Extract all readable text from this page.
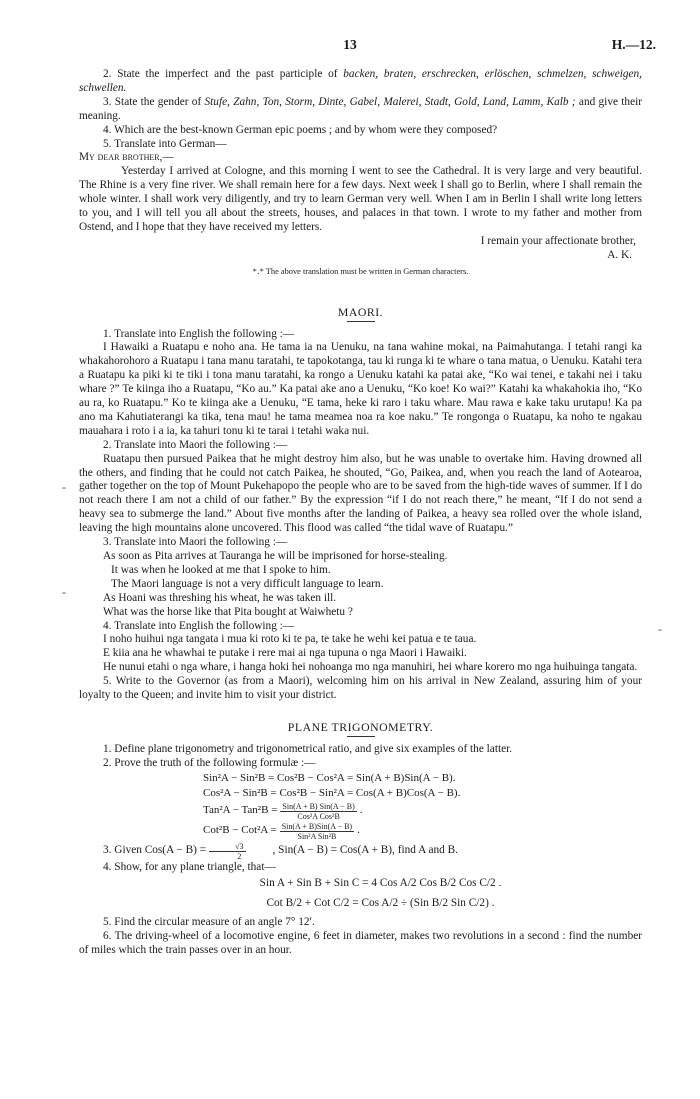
13	H.—12.

2. State the imperfect and the past participle of backen, braten, erschrecken, erlöschen, schmelzen, schweigen, schwellen.

3. State the gender of Stufe, Zahn, Ton, Storm, Dinte, Gabel, Malerei, Stadt, Gold, Land, Lamm, Kalb ; and give their meaning.

4. Which are the best-known German epic poems ; and by whom were they composed?

5. Translate into German—

My dear brother,—

Yesterday I arrived at Cologne, and this morning I went to see the Cathedral. It is very large and very beautiful. The Rhine is a very fine river. We shall remain here for a few days. Next week I shall go to Berlin, where I shall remain the whole winter. I shall work very diligently, and try to learn German very well. When I am in Berlin I shall write long letters to you, and I will tell you all about the streets, houses, and palaces in that town. I wrote to my father and mother from Ostend, and I hope that they have received my letters.

I remain your affectionate brother,

A. K.

*․* The above translation must be written in German characters.

MAORI.

1. Translate into English the following :—

I Hawaiki a Ruatapu e noho ana. He tama ia na Uenuku, na tana wahine mokai, na Paimahutanga. I tetahi rangi ka whakahorohoro a Ruatapu i tana manu taratahi, te tapokotanga, tau ki runga ki te whare o tana matua, o Uenuku. Katahi tera a Ruatapu ka piki ki te tiki i tona manu taratahi, ka rongo a Uenuku katahi ka patai ake, “Ko wai tenei, e takahi nei i taku whare ?” Te kiinga iho a Ruatapu, “Ko au.” Ka patai ake ano a Uenuku, “Ko koe! Ko wai?” Katahi ka whakahokia iho, “Ko au ra, ko Ruatapu.” Ko te kiinga ake a Uenuku, “E tama, heke ki raro i taku whare. Mau rawa e kake taku urutapu! Ka pa ano ma Kahutiaterangi ka tika, tena mau! he tama meamea noa ra koe naku.” Te rongonga o Ruatapu, ka noho te ngakau mauahara i roto i a ia, ka tahuri tonu ki te tarai i tetahi waka nui.

2. Translate into Maori the following :—

Ruatapu then pursued Paikea that he might destroy him also, but he was unable to overtake him. Having drowned all the others, and finding that he could not catch Paikea, he shouted, “Go, Paikea, and, when you reach the land of Aotearoa, gather together on the top of Mount Pukehapopo the people who are to be saved from the high-tide waves of summer. If I do not reach there I am not a child of our father.” By the expression “if I do not reach there,” he meant, “If I do not send a heavy sea to submerge the land.” About five months after the landing of Paikea, a heavy sea rolled over the whole island, leaving the high mountains alone uncovered. This flood was called “the tidal wave of Ruatapu.”

3. Translate into Maori the following :—

As soon as Pita arrives at Tauranga he will be imprisoned for horse-stealing.

It was when he looked at me that I spoke to him.

The Maori language is not a very difficult language to learn.

As Hoani was threshing his wheat, he was taken ill.

What was the horse like that Pita bought at Waiwhetu ?

4. Translate into English the following :—

I noho huihui nga tangata i mua ki roto ki te pa, te take he wehi kei patua e te taua.

E kiia ana he whawhai te putake i rere mai ai nga tupuna o nga Maori i Hawaiki.

He nunui etahi o nga whare, i hanga hoki hei nohoanga mo nga manuhiri, hei whare korero mo nga huihuinga tangata.

5. Write to the Governor (as from a Maori), welcoming him on his arrival in New Zealand, assuring him of your loyalty to the Queen; and invite him to visit your district.

PLANE TRIGONOMETRY.

1. Define plane trigonometry and trigonometrical ratio, and give six examples of the latter.

2. Prove the truth of the following formulæ :—

Sin²A − Sin²B = Cos²B − Cos²A = Sin(A + B)Sin(A − B).
Cos²A − Sin²B = Cos²B − Sin²A = Cos(A + B)Cos(A − B).
$Tan^2A - Tan^2B = \frac{\text{Sin(A + B) Sin(A − B)}}{\text{Cos²A Cos²B}}$ .
$Cot^2B - Cot^2A = \frac{\text{Sin(A + B)Sin(A − B)}}{\text{Sin²A Sin²B}}$ .

3. Given $Cos(A - B) = \frac{√3}{2}$	, Sin(A − B) = Cos(A + B), find A and B.

4. Show, for any plane triangle, that—

Sin A + Sin B + Sin C = 4 Cos A/2 Cos B/2 Cos C/2 .

Cot B/2 + Cot C/2 = Cos A/2 ÷ (Sin B/2 Sin C/2) .

5. Find the circular measure of an angle 7° 12′.

6. The driving-wheel of a locomotive engine, 6 feet in diameter, makes two revolutions in a second : find the number of miles which the train passes over in an hour.

-
-
-
